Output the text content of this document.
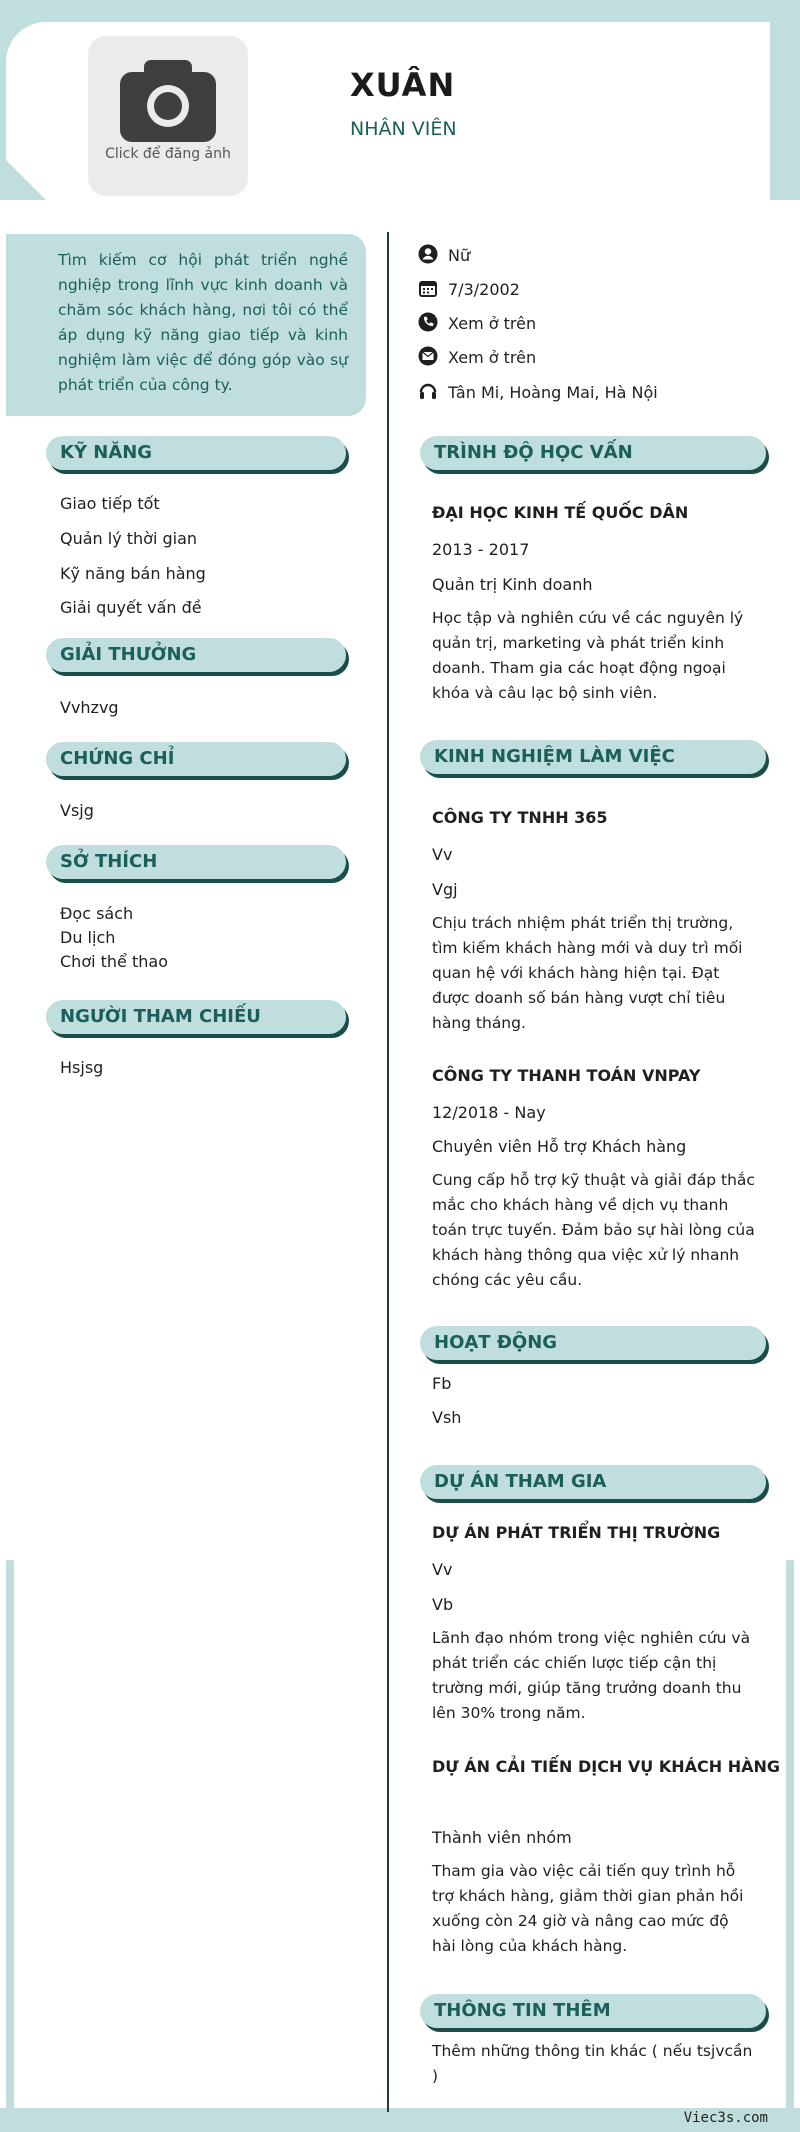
Viec3s.com
Click để đăng ảnh
XUÂN
NHÂN VIÊN
Tìm kiếm cơ hội phát triển nghề nghiệp trong lĩnh vực kinh doanh và chăm sóc khách hàng, nơi tôi có thể áp dụng kỹ năng giao tiếp và kinh nghiệm làm việc để đóng góp vào sự phát triển của công ty.
KỸ NĂNG
Giao tiếp tốt
Quản lý thời gian
Kỹ năng bán hàng
Giải quyết vấn đề
GIẢI THƯỞNG
Vvhzvg
CHỨNG CHỈ
Vsjg
SỞ THÍCH
Đọc sách
Du lịch
Chơi thể thao
NGƯỜI THAM CHIẾU
Hsjsg
Nữ
7/3/2002
Xem ở trên
Xem ở trên
Tân Mi, Hoàng Mai, Hà Nội
TRÌNH ĐỘ HỌC VẤN
ĐẠI HỌC KINH TẾ QUỐC DÂN
2013 - 2017
Quản trị Kinh doanh
Học tập và nghiên cứu về các nguyên lý quản trị, marketing và phát triển kinh doanh. Tham gia các hoạt động ngoại khóa và câu lạc bộ sinh viên.
KINH NGHIỆM LÀM VIỆC
CÔNG TY TNHH 365
Vv
Vgj
Chịu trách nhiệm phát triển thị trường, tìm kiếm khách hàng mới và duy trì mối quan hệ với khách hàng hiện tại. Đạt được doanh số bán hàng vượt chỉ tiêu hàng tháng.
CÔNG TY THANH TOÁN VNPAY
12/2018 - Nay
Chuyên viên Hỗ trợ Khách hàng
Cung cấp hỗ trợ kỹ thuật và giải đáp thắc mắc cho khách hàng về dịch vụ thanh toán trực tuyến. Đảm bảo sự hài lòng của khách hàng thông qua việc xử lý nhanh chóng các yêu cầu.
HOẠT ĐỘNG
Fb
Vsh
DỰ ÁN THAM GIA
DỰ ÁN PHÁT TRIỂN THỊ TRƯỜNG
Vv
Vb
Lãnh đạo nhóm trong việc nghiên cứu và phát triển các chiến lược tiếp cận thị trường mới, giúp tăng trưởng doanh thu lên 30% trong năm.
DỰ ÁN CẢI TIẾN DỊCH VỤ KHÁCH HÀNG
Thành viên nhóm
Tham gia vào việc cải tiến quy trình hỗ trợ khách hàng, giảm thời gian phản hồi xuống còn 24 giờ và nâng cao mức độ hài lòng của khách hàng.
THÔNG TIN THÊM
Thêm những thông tin khác ( nếu tsjvcần )
